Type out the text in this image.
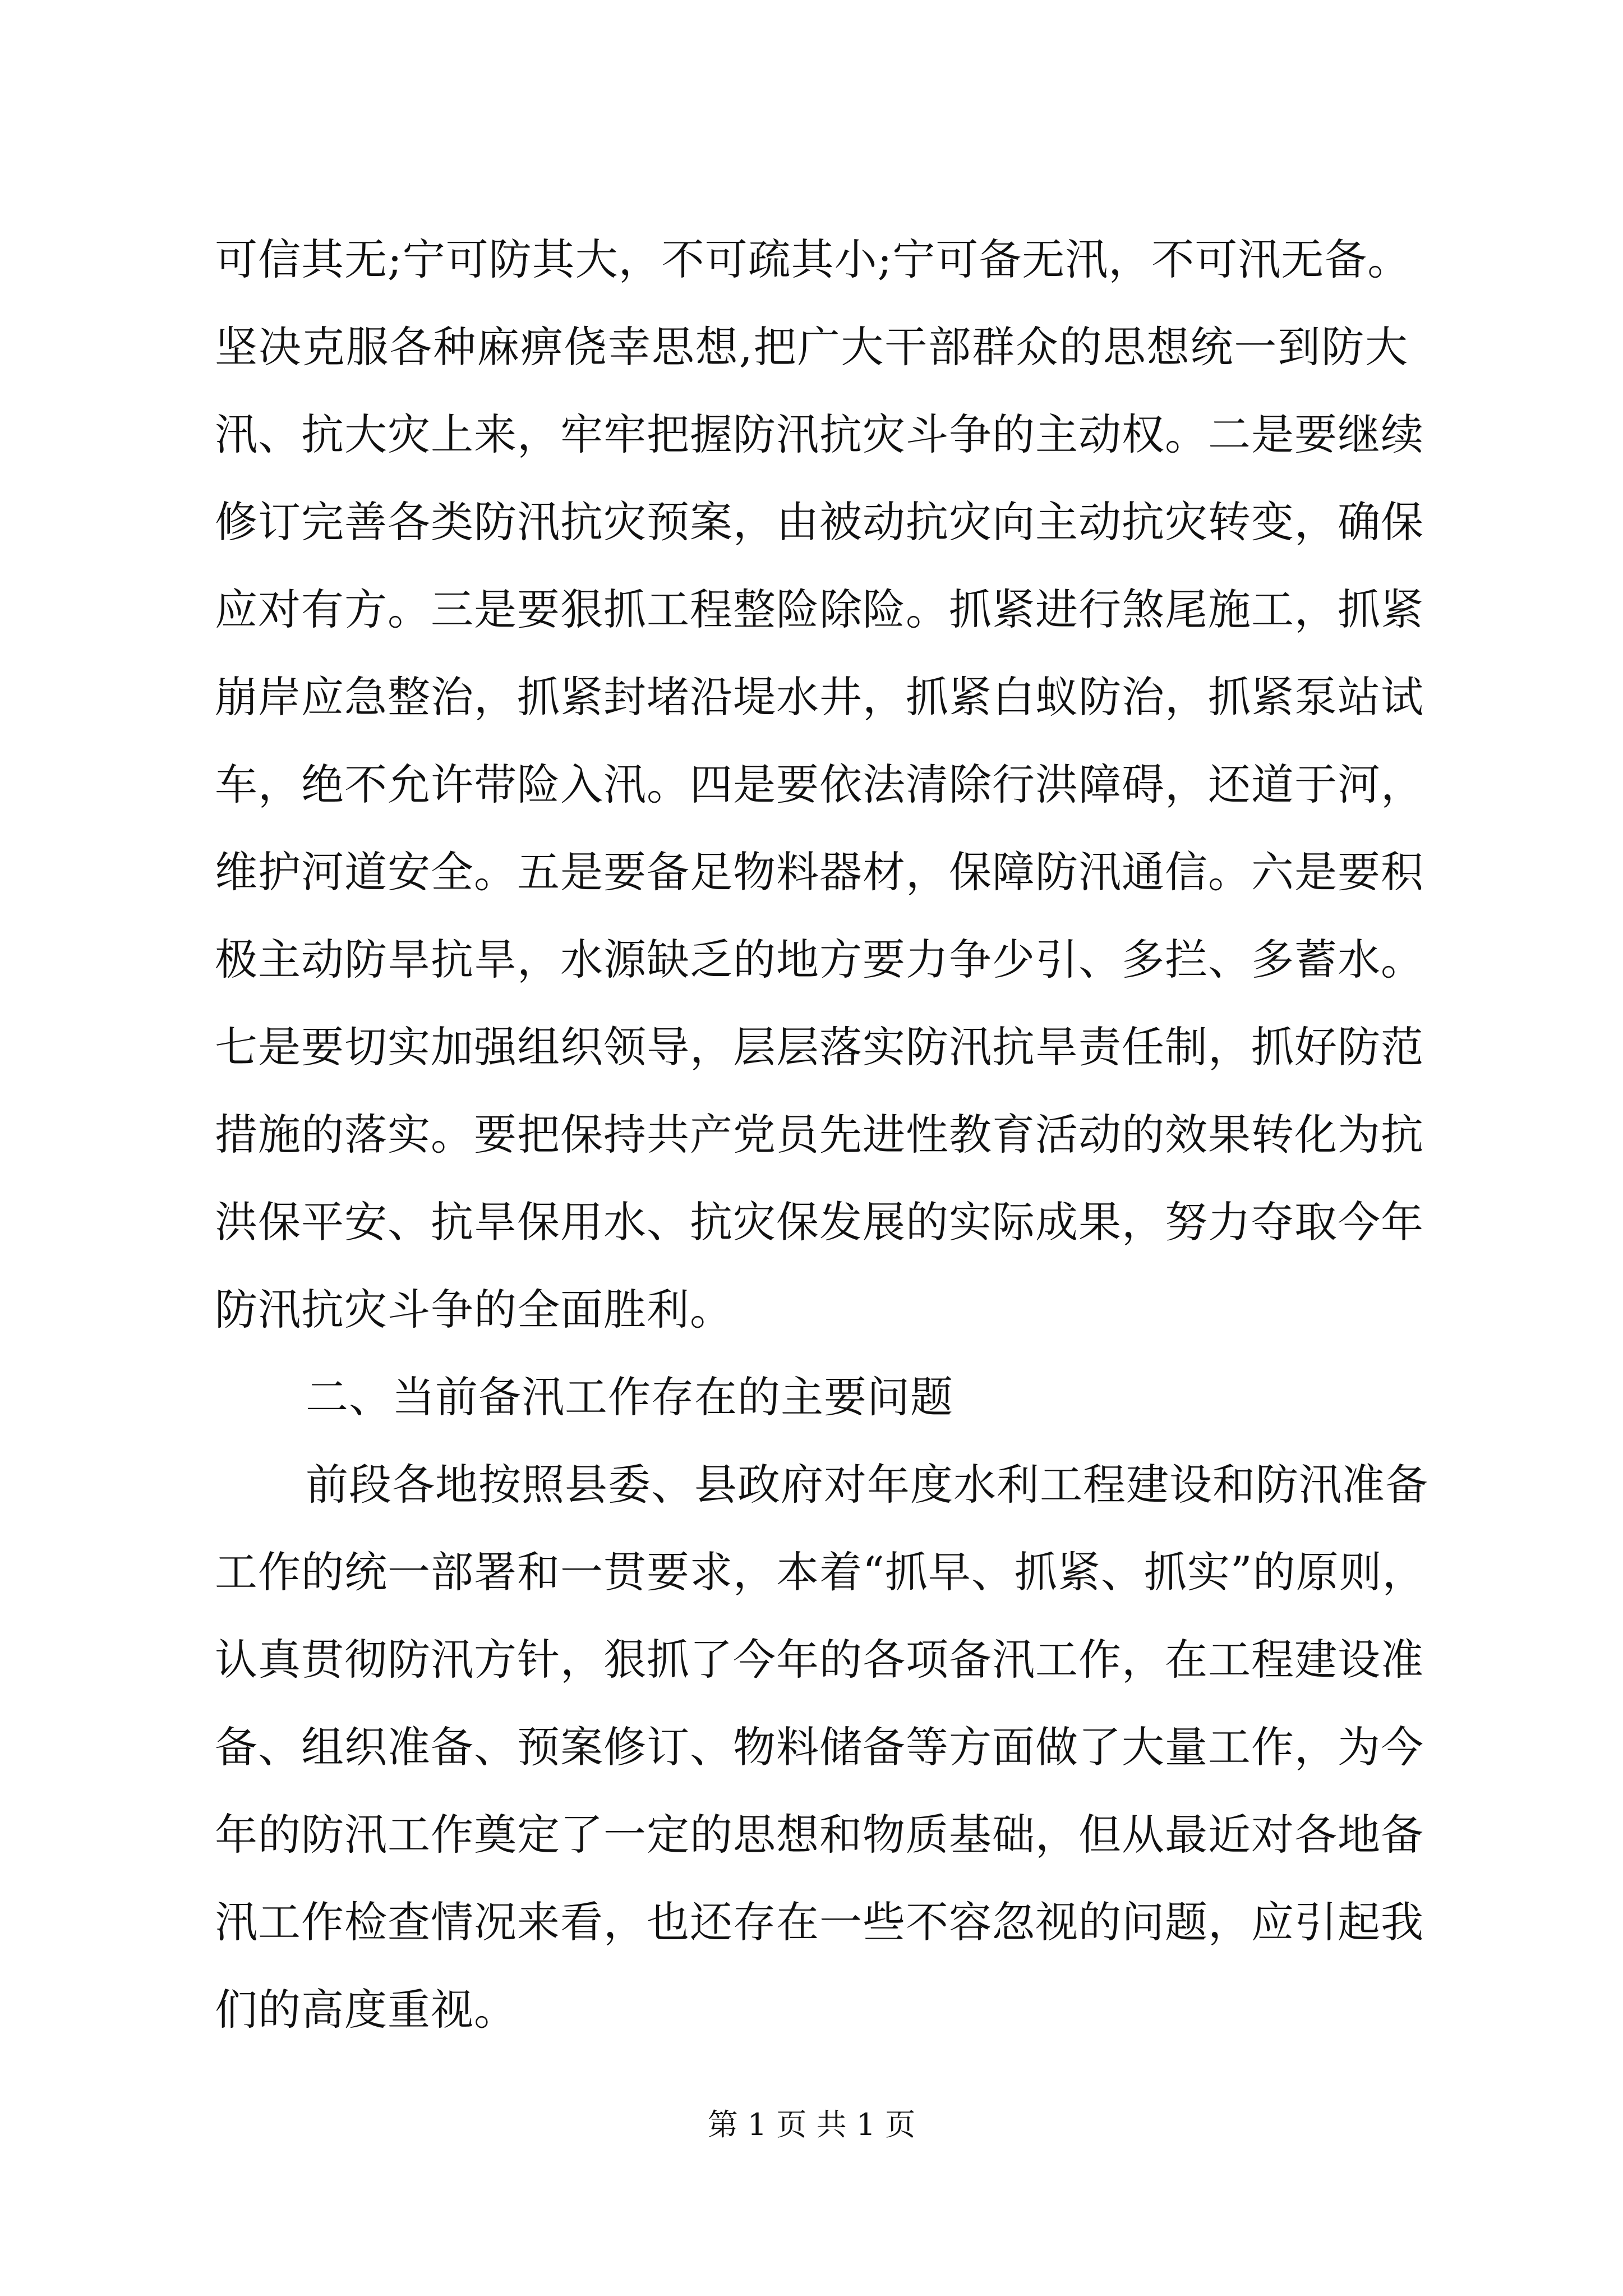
可信其无;宁可防其大，不可疏其小;宁可备无汛，不可汛无备。
坚决克服各种麻痹侥幸思想,把广大干部群众的思想统一到防大
汛、抗大灾上来，牢牢把握防汛抗灾斗争的主动权。二是要继续
修订完善各类防汛抗灾预案，由被动抗灾向主动抗灾转变，确保
应对有方。三是要狠抓工程整险除险。抓紧进行煞尾施工，抓紧
崩岸应急整治，抓紧封堵沿堤水井，抓紧白蚁防治，抓紧泵站试
车，绝不允许带险入汛。四是要依法清除行洪障碍，还道于河，
维护河道安全。五是要备足物料器材，保障防汛通信。六是要积
极主动防旱抗旱，水源缺乏的地方要力争少引、多拦、多蓄水。
七是要切实加强组织领导，层层落实防汛抗旱责任制，抓好防范
措施的落实。要把保持共产党员先进性教育活动的效果转化为抗
洪保平安、抗旱保用水、抗灾保发展的实际成果，努力夺取今年
防汛抗灾斗争的全面胜利。
二、当前备汛工作存在的主要问题
前段各地按照县委、县政府对年度水利工程建设和防汛准备
工作的统一部署和一贯要求，本着“抓早、抓紧、抓实”的原则，
认真贯彻防汛方针，狠抓了今年的各项备汛工作，在工程建设准
备、组织准备、预案修订、物料储备等方面做了大量工作，为今
年的防汛工作奠定了一定的思想和物质基础，但从最近对各地备
汛工作检查情况来看，也还存在一些不容忽视的问题，应引起我
们的高度重视。
第 1 页 共 1 页
